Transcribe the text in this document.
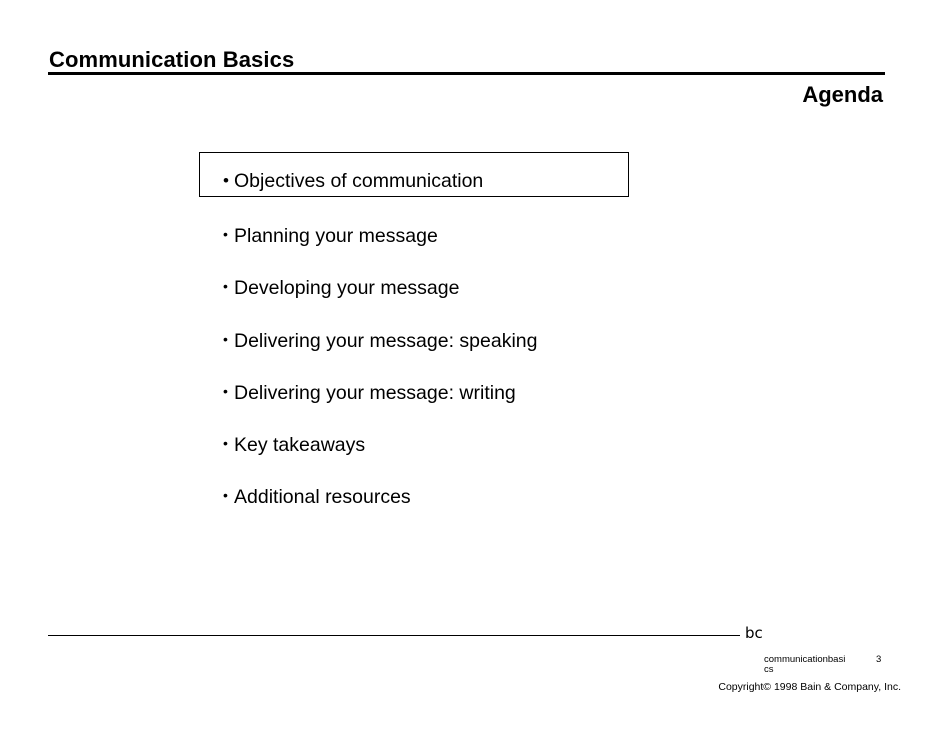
Communication Basics
Agenda
• Objectives of communication
• Planning your message
• Developing your message
• Delivering your message: speaking
• Delivering your message: writing
• Key takeaways
• Additional resources
bc
communicationbasics
3
Copyright© 1998 Bain & Company, Inc.
